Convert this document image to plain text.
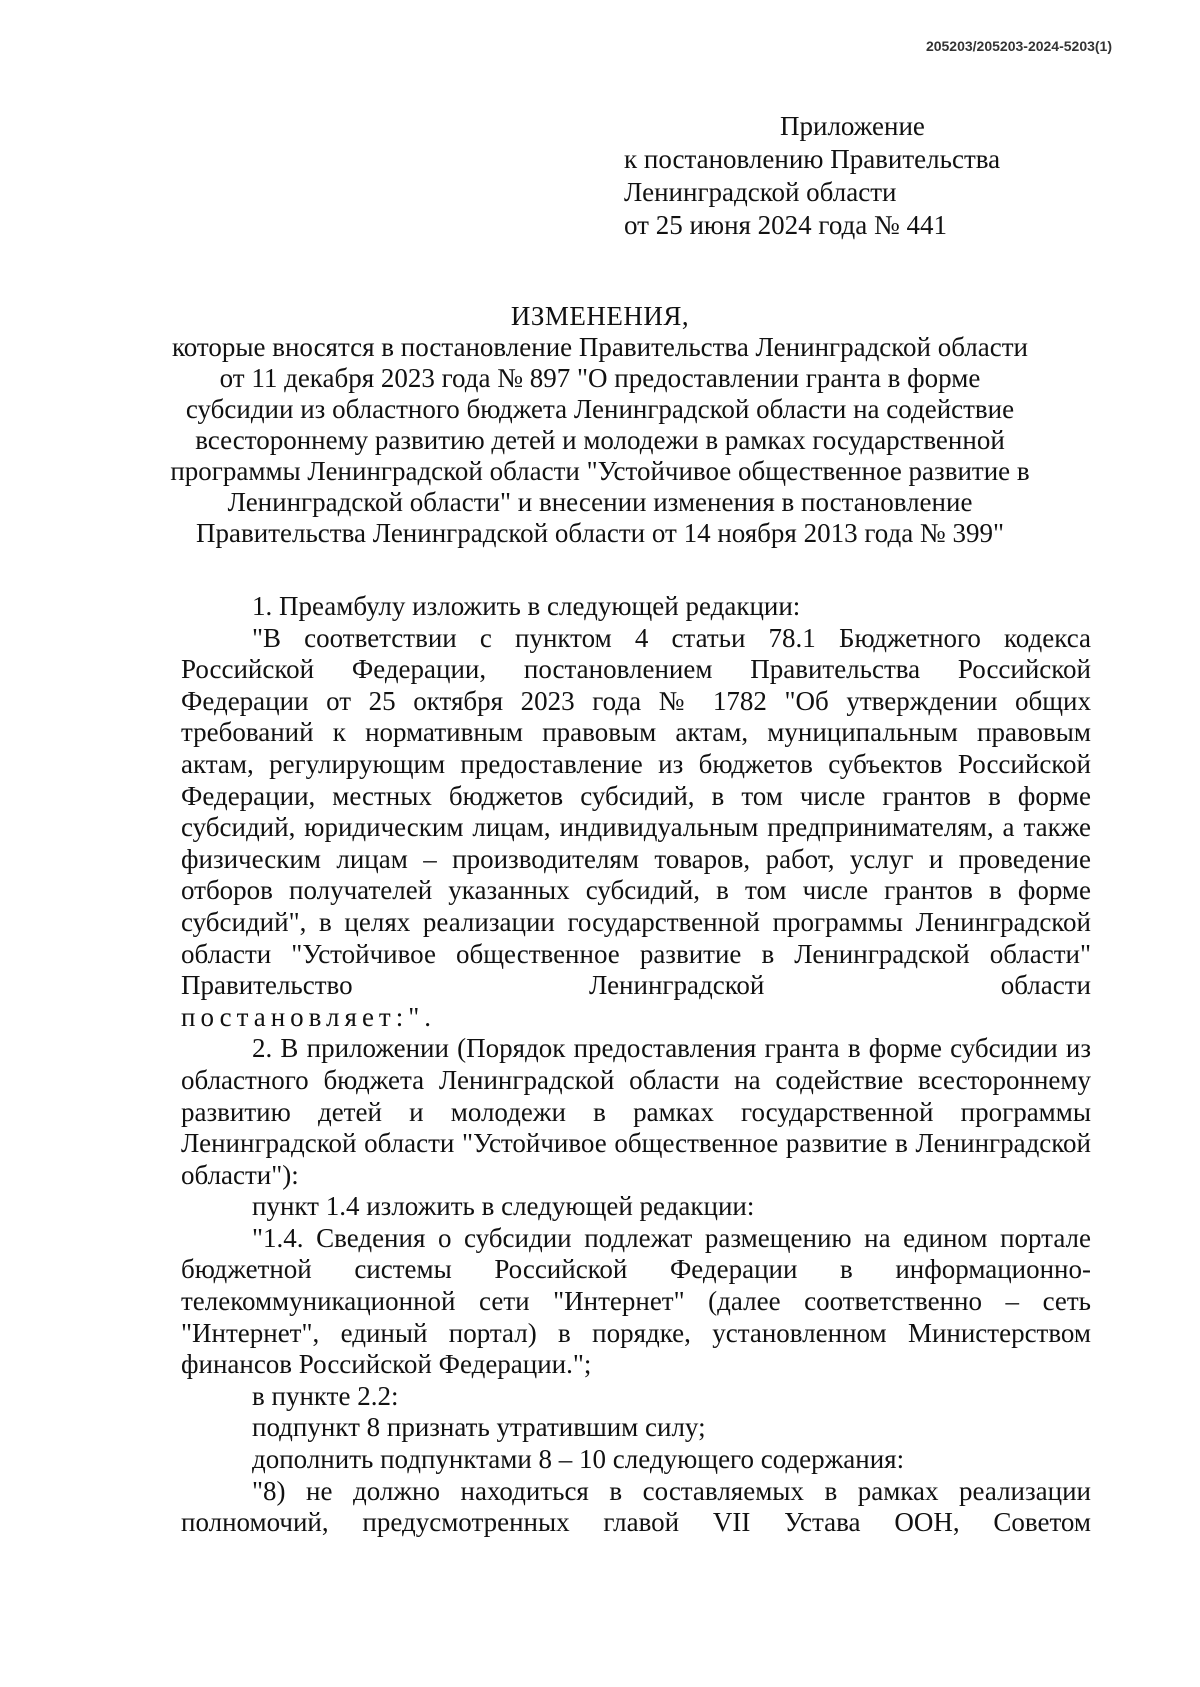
205203/205203-2024-5203(1)
Приложение
к постановлению Правительства
Ленинградской области
от 25 июня 2024 года № 441
ИЗМЕНЕНИЯ,
которые вносятся в постановление Правительства Ленинградской области от 11 декабря 2023 года № 897 "О предоставлении гранта в форме субсидии из областного бюджета Ленинградской области на содействие всестороннему развитию детей и молодежи в рамках государственной программы Ленинградской области "Устойчивое общественное развитие в Ленинградской области" и внесении изменения в постановление Правительства Ленинградской области от 14 ноября 2013 года № 399"

1. Преамбулу изложить в следующей редакции:

"В соответствии с пунктом 4 статьи 78.1 Бюджетного кодекса Российской Федерации, постановлением Правительства Российской Федерации от 25 октября 2023 года № 1782 "Об утверждении общих требований к нормативным правовым актам, муниципальным правовым актам, регулирующим предоставление из бюджетов субъектов Российской Федерации, местных бюджетов субсидий, в том числе грантов в форме субсидий, юридическим лицам, индивидуальным предпринимателям, а также физическим лицам – производителям товаров, работ, услуг и проведение отборов получателей указанных субсидий, в том числе грантов в форме субсидий", в целях реализации государственной программы Ленинградской области "Устойчивое общественное развитие в Ленинградской области" Правительство Ленинградской области

постановляет:".

2. В приложении (Порядок предоставления гранта в форме субсидии из областного бюджета Ленинградской области на содействие всестороннему развитию детей и молодежи в рамках государственной программы Ленинградской области "Устойчивое общественное развитие в Ленинградской области"):

пункт 1.4 изложить в следующей редакции:

"1.4. Сведения о субсидии подлежат размещению на едином портале бюджетной системы Российской Федерации в информационно-телекоммуникационной сети "Интернет" (далее соответственно – сеть "Интернет", единый портал) в порядке, установленном Министерством финансов Российской Федерации.";

в пункте 2.2:

подпункт 8 признать утратившим силу;

дополнить подпунктами 8 – 10 следующего содержания:

"8) не должно находиться в составляемых в рамках реализации полномочий, предусмотренных главой VII Устава ООН, Советом
